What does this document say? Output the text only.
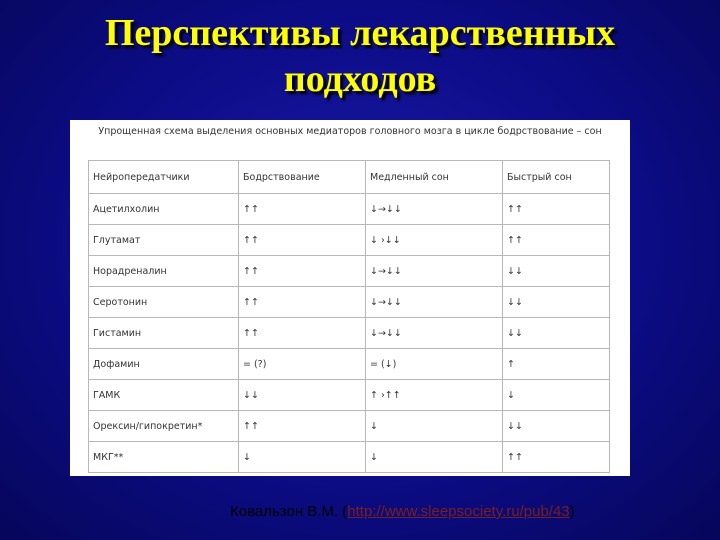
Перспективы лекарственных
подходов

Упрощенная схема выделения основных медиаторов головного мозга в цикле бодрствование – сон

Нейропередатчики	Бодрствование	Медленный сон	Быстрый сон
Ацетилхолин	↑↑	↓→↓↓	↑↑
Глутамат	↑↑	↓ ›↓↓	↑↑
Норадреналин	↑↑	↓→↓↓	↓↓
Серотонин	↑↑	↓→↓↓	↓↓
Гистамин	↑↑	↓→↓↓	↓↓
Дофамин	= (?)	= (↓)	↑
ГАМК	↓↓	↑ ›↑↑	↓
Орексин/гипокретин*	↑↑	↓	↓↓
МКГ**	↓	↓	↑↑
Ковальзон В.М. (http://www.sleepsociety.ru/pub/43)
